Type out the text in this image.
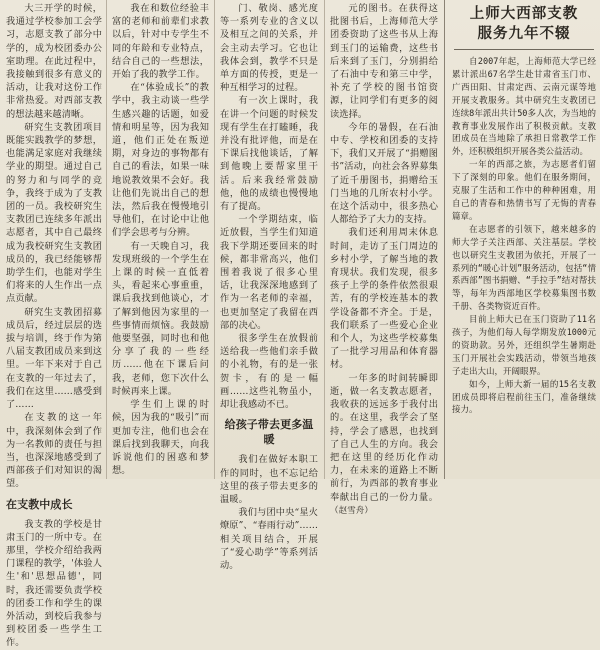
大三开学的时候，我通过学校参加工会学习，志愿支教了部分中学的，成为校团委办公室助理。在此过程中，我接触到很多有意义的活动，让我对这份工作非常热爱。对西部支教的想法越来越清晰。

研究生支教团项目既能实践教学的梦想，也能满足家庭对我继续学业的期望。通过自己的努力和与同学的竞争，我终于成为了支教团的一员。我校研究生支教团已连续多年派出志愿者，其中自己最终成为我校研究生支教团成员的，我已经能够帮助学生们，也能对学生们将来的人生作出一点点贡献。

研究生支教团招募成员后，经过层层的选拔与培训，终于作为第八届支教团成员来到这里。一年下来对于自己在支教的一年过去了，我们在这里……感受到了……

在支教的这一年中，我深刻体会到了作为一名教师的责任与担当，也深深地感受到了西部孩子们对知识的渴望。

在支教中成长

我支教的学校是甘肃玉门的一所中专。在那里，学校介绍给我两门课程的教学，'体验人生'和'思想品德'，同时，我还需要负责学校的团委工作和学生的课外活动，到校后我参与到校团委一些学生工作。

我在和数位经验丰富的老师和前辈们求教以后，针对中专学生不同的年龄和专业特点，结合自己的一些想法，开始了我的教学工作。

在“体验成长”的教学中，我主动谈一些学生感兴趣的话题，如爱情和明星等，因为我知道，他们正处在叛逆期，对身边的事物都有自己的看法，如果一味地说教效果不会好。我让他们先说出自己的想法，然后我在慢慢地引导他们，在讨论中让他们学会思考与分辨。

有一天晚自习，我发现班级的一个学生在上课的时候一直低着头，看起来心事重重，课后我找到他谈心，才了解到他因为家里的一些事情而烦恼。我鼓励他要坚强，同时也和他分享了我的一些经历……他在下课后问我，老师，您下次什么时候再来上课。

学生们上课的时候，因为我的“吸引”而更加专注，他们也会在课后找到我聊天，向我诉说他们的困惑和梦想。

门、敬岗、感光度等一系列专业的含义以及相互之间的关系，并会主动去学习。它也让我体会到，教学不只是单方面的传授，更是一种互相学习的过程。

有一次上课时，我在讲一个问题的时候发现有学生在打瞌睡，我并没有批评他，而是在下课后找他谈话，了解到他晚上要帮家里干活。后来我经常鼓励他，他的成绩也慢慢地有了提高。

一个学期结束，临近放假，当学生们知道我下学期还要回来的时候，都非常高兴，他们围着我说了很多心里话，让我深深地感到了作为一名老师的幸福，也更加坚定了我留在西部的决心。

很多学生在放假前送给我一些他们亲手做的小礼物，有的是一张贺卡，有的是一幅画……这些礼物虽小，却让我感动不已。

给孩子带去更多温暖

我们在做好本职工作的同时，也不忘记给这里的孩子带去更多的温暖。

我们与团中央“星火燎原”、“春雨行动”……相关项目结合，开展了“爱心助学”等系列活动。

元的图书。在获得这批图书后，上海师范大学团委资助了这些书从上海到玉门的运输费，这些书后来到了玉门，分别捐给了石油中专和第三中学，补充了学校的图书馆资源，让同学们有更多的阅读选择。

今年的暑假，在石油中专、学校和团委的支持下，我们又开展了“捐赠图书”活动，向社会各界募集了近千册图书，捐赠给玉门当地的几所农村小学。在这个活动中，很多热心人都给予了大力的支持。

我们还利用周末休息时间，走访了玉门周边的乡村小学，了解当地的教育现状。我们发现，很多孩子上学的条件依然很艰苦，有的学校连基本的教学设备都不齐全。于是，我们联系了一些爱心企业和个人，为这些学校募集了一批学习用品和体育器材。

一年多的时间转瞬即逝，做一名支教志愿者，我收获的远远多于我付出的。在这里，我学会了坚持，学会了感恩，也找到了自己人生的方向。我会把在这里的经历化作动力，在未来的道路上不断前行，为西部的教育事业奉献出自己的一份力量。（赵雪舟）

上师大西部支教
服务九年不辍

自2007年起，上海师范大学已经累计派出67名学生赴甘肃省玉门市、广西田阳、甘肃定西、云南元谋等地开展支教服务。其中研究生支教团已连续8年派出共计50多人次，为当地的教育事业发展作出了积极贡献。支教团成员在当地除了承担日常教学工作外，还积极组织开展各类公益活动。

一年的西部之旅，为志愿者们留下了深刻的印象。他们在服务期间，克服了生活和工作中的种种困难，用自己的青春和热情书写了无悔的青春篇章。

在志愿者的引领下，越来越多的师大学子关注西部、关注基层。学校也以研究生支教团为依托，开展了一系列的“暖心计划”服务活动，包括“情系西部”图书捐赠、“手拉手”结对帮扶等，每年为西部地区学校募集图书数千册、各类物资近百件。

目前上师大已在玉门资助了11名孩子，为他们每人每学期发放1000元的资助款。另外，还组织学生暑期赴玉门开展社会实践活动，带领当地孩子走出大山，开阔眼界。

如今，上师大新一届的15名支教团成员即将启程前往玉门，准备继续接力。
